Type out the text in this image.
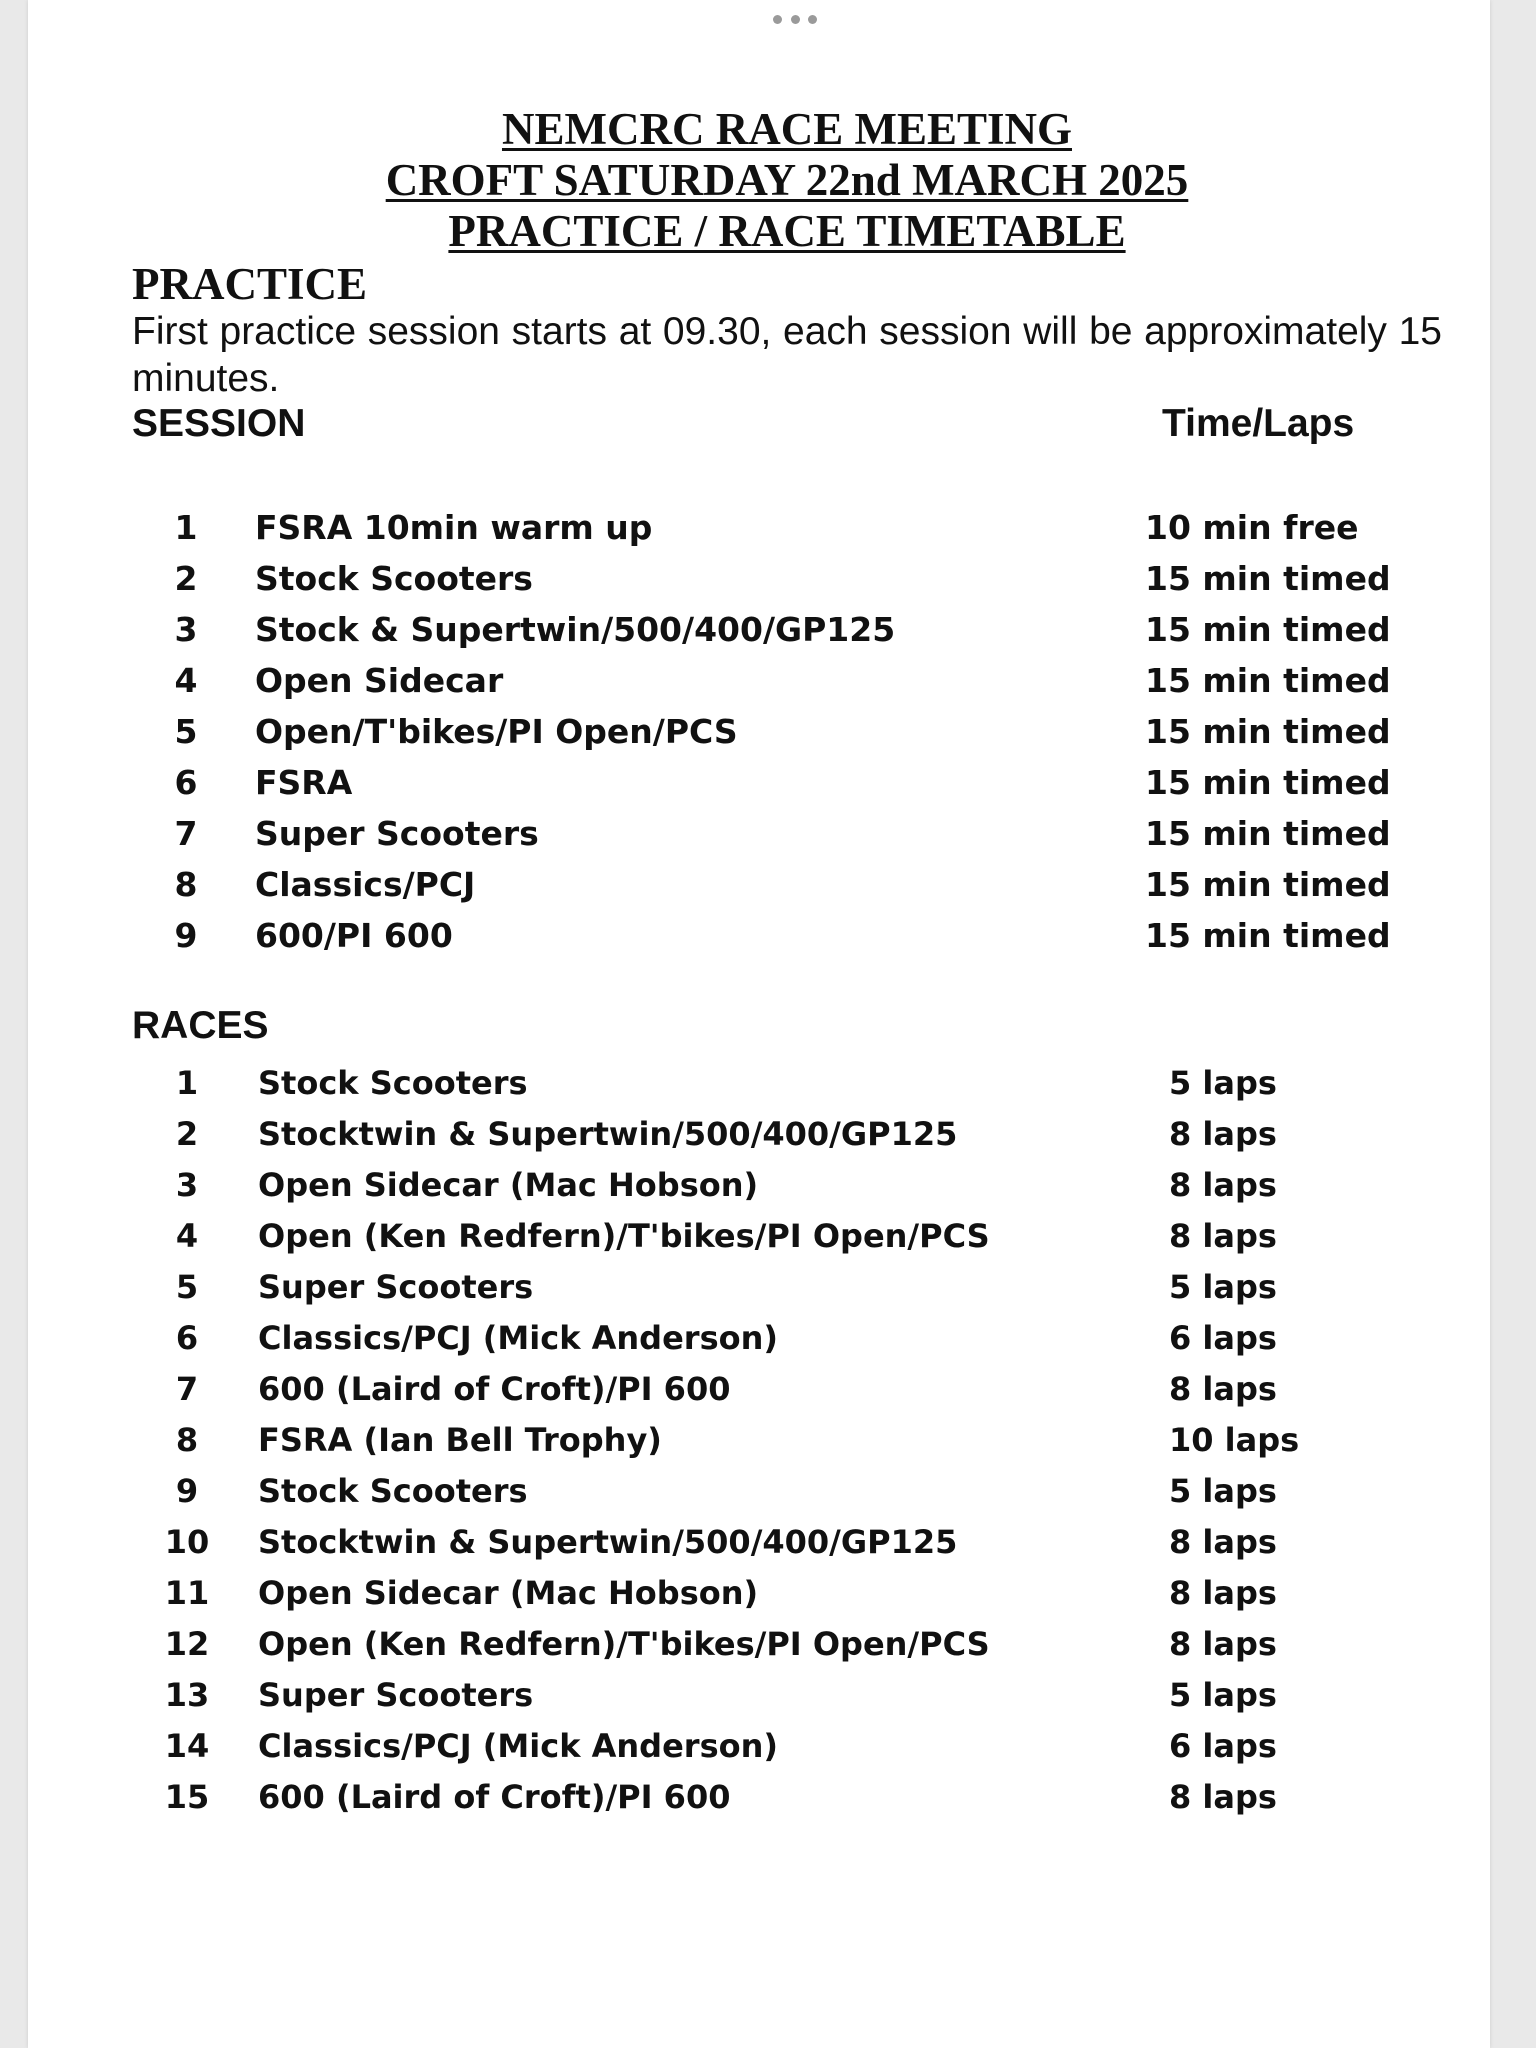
NEMCRC RACE MEETING
CROFT SATURDAY 22nd MARCH 2025
PRACTICE / RACE TIMETABLE
PRACTICE
First practice session starts at 09.30, each session will be approximately 15 minutes.
SESSION	Time/Laps
1 FSRA 10min warm up	10 min free
2 Stock Scooters	15 min timed
3 Stock & Supertwin/500/400/GP125	15 min timed
4 Open Sidecar	15 min timed
5 Open/T'bikes/PI Open/PCS	15 min timed
6 FSRA	15 min timed
7 Super Scooters	15 min timed
8 Classics/PCJ	15 min timed
9 600/PI 600	15 min timed
RACES
1	Stock Scooters	5 laps
2	Stocktwin & Supertwin/500/400/GP125	8 laps
3	Open Sidecar (Mac Hobson)	8 laps
4	Open (Ken Redfern)/T'bikes/PI Open/PCS	8 laps
5	Super Scooters	5 laps
6	Classics/PCJ (Mick Anderson)	6 laps
7	600 (Laird of Croft)/PI 600	8 laps
8	FSRA (Ian Bell Trophy)	10 laps
9	Stock Scooters	5 laps
10 Stocktwin & Supertwin/500/400/GP125	8 laps
11 Open Sidecar (Mac Hobson)	8 laps
12 Open (Ken Redfern)/T'bikes/PI Open/PCS	8 laps
13 Super Scooters	5 laps
14 Classics/PCJ (Mick Anderson)	6 laps
15 600 (Laird of Croft)/PI 600	8 laps
